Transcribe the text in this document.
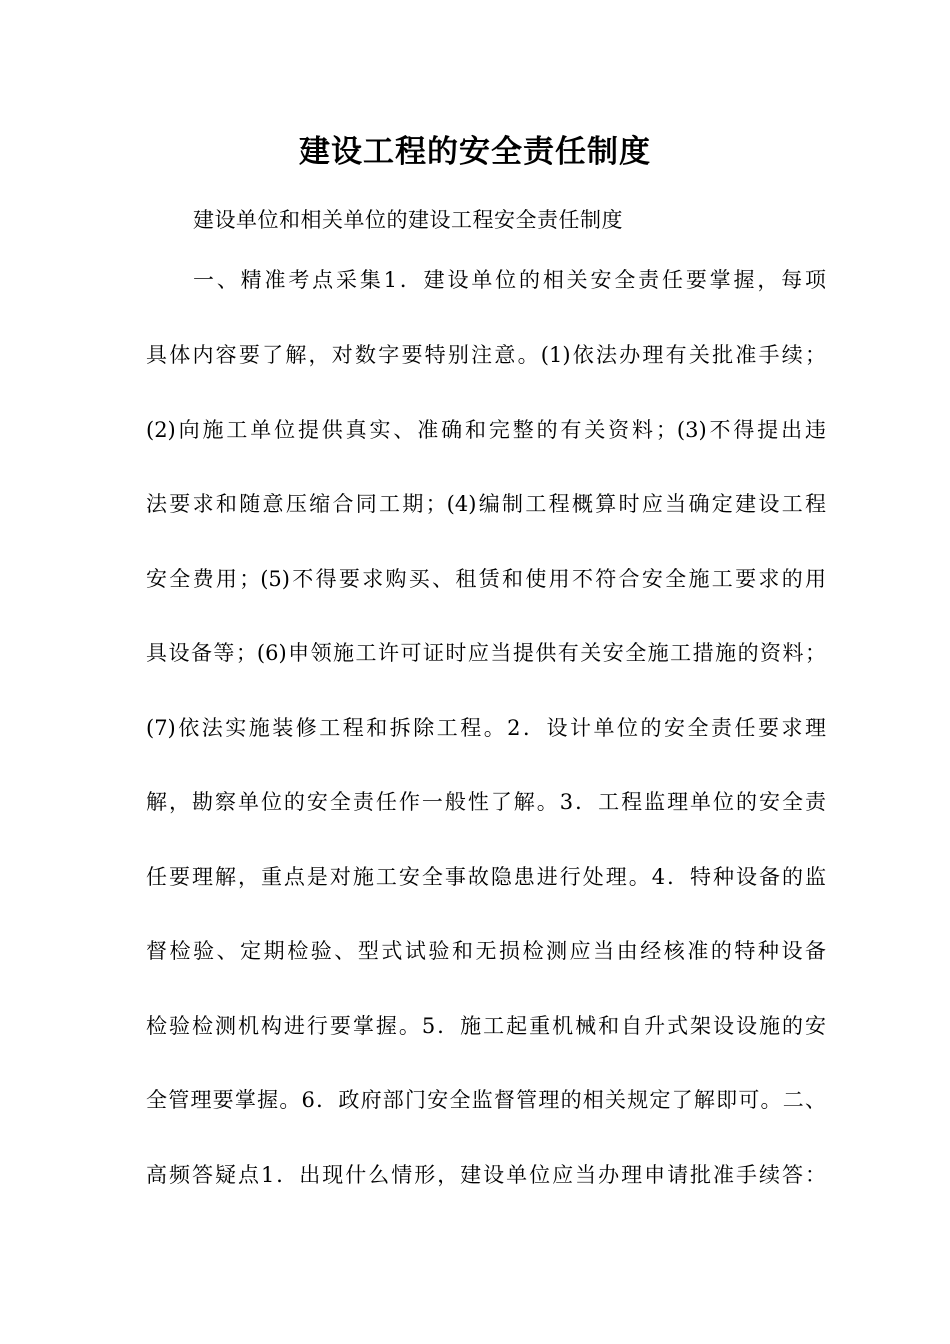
建设工程的安全责任制度
建设单位和相关单位的建设工程安全责任制度
一、精准考点采集1．建设单位的相关安全责任要掌握，每项
具体内容要了解，对数字要特别注意。(1)依法办理有关批准手续；
(2)向施工单位提供真实、准确和完整的有关资料；(3)不得提出违
法要求和随意压缩合同工期；(4)编制工程概算时应当确定建设工程
安全费用；(5)不得要求购买、租赁和使用不符合安全施工要求的用
具设备等；(6)申领施工许可证时应当提供有关安全施工措施的资料；
(7)依法实施装修工程和拆除工程。2．设计单位的安全责任要求理
解，勘察单位的安全责任作一般性了解。3．工程监理单位的安全责
任要理解，重点是对施工安全事故隐患进行处理。4．特种设备的监
督检验、定期检验、型式试验和无损检测应当由经核准的特种设备
检验检测机构进行要掌握。5．施工起重机械和自升式架设设施的安
全管理要掌握。6．政府部门安全监督管理的相关规定了解即可。二、
高频答疑点1．出现什么情形，建设单位应当办理申请批准手续答：
